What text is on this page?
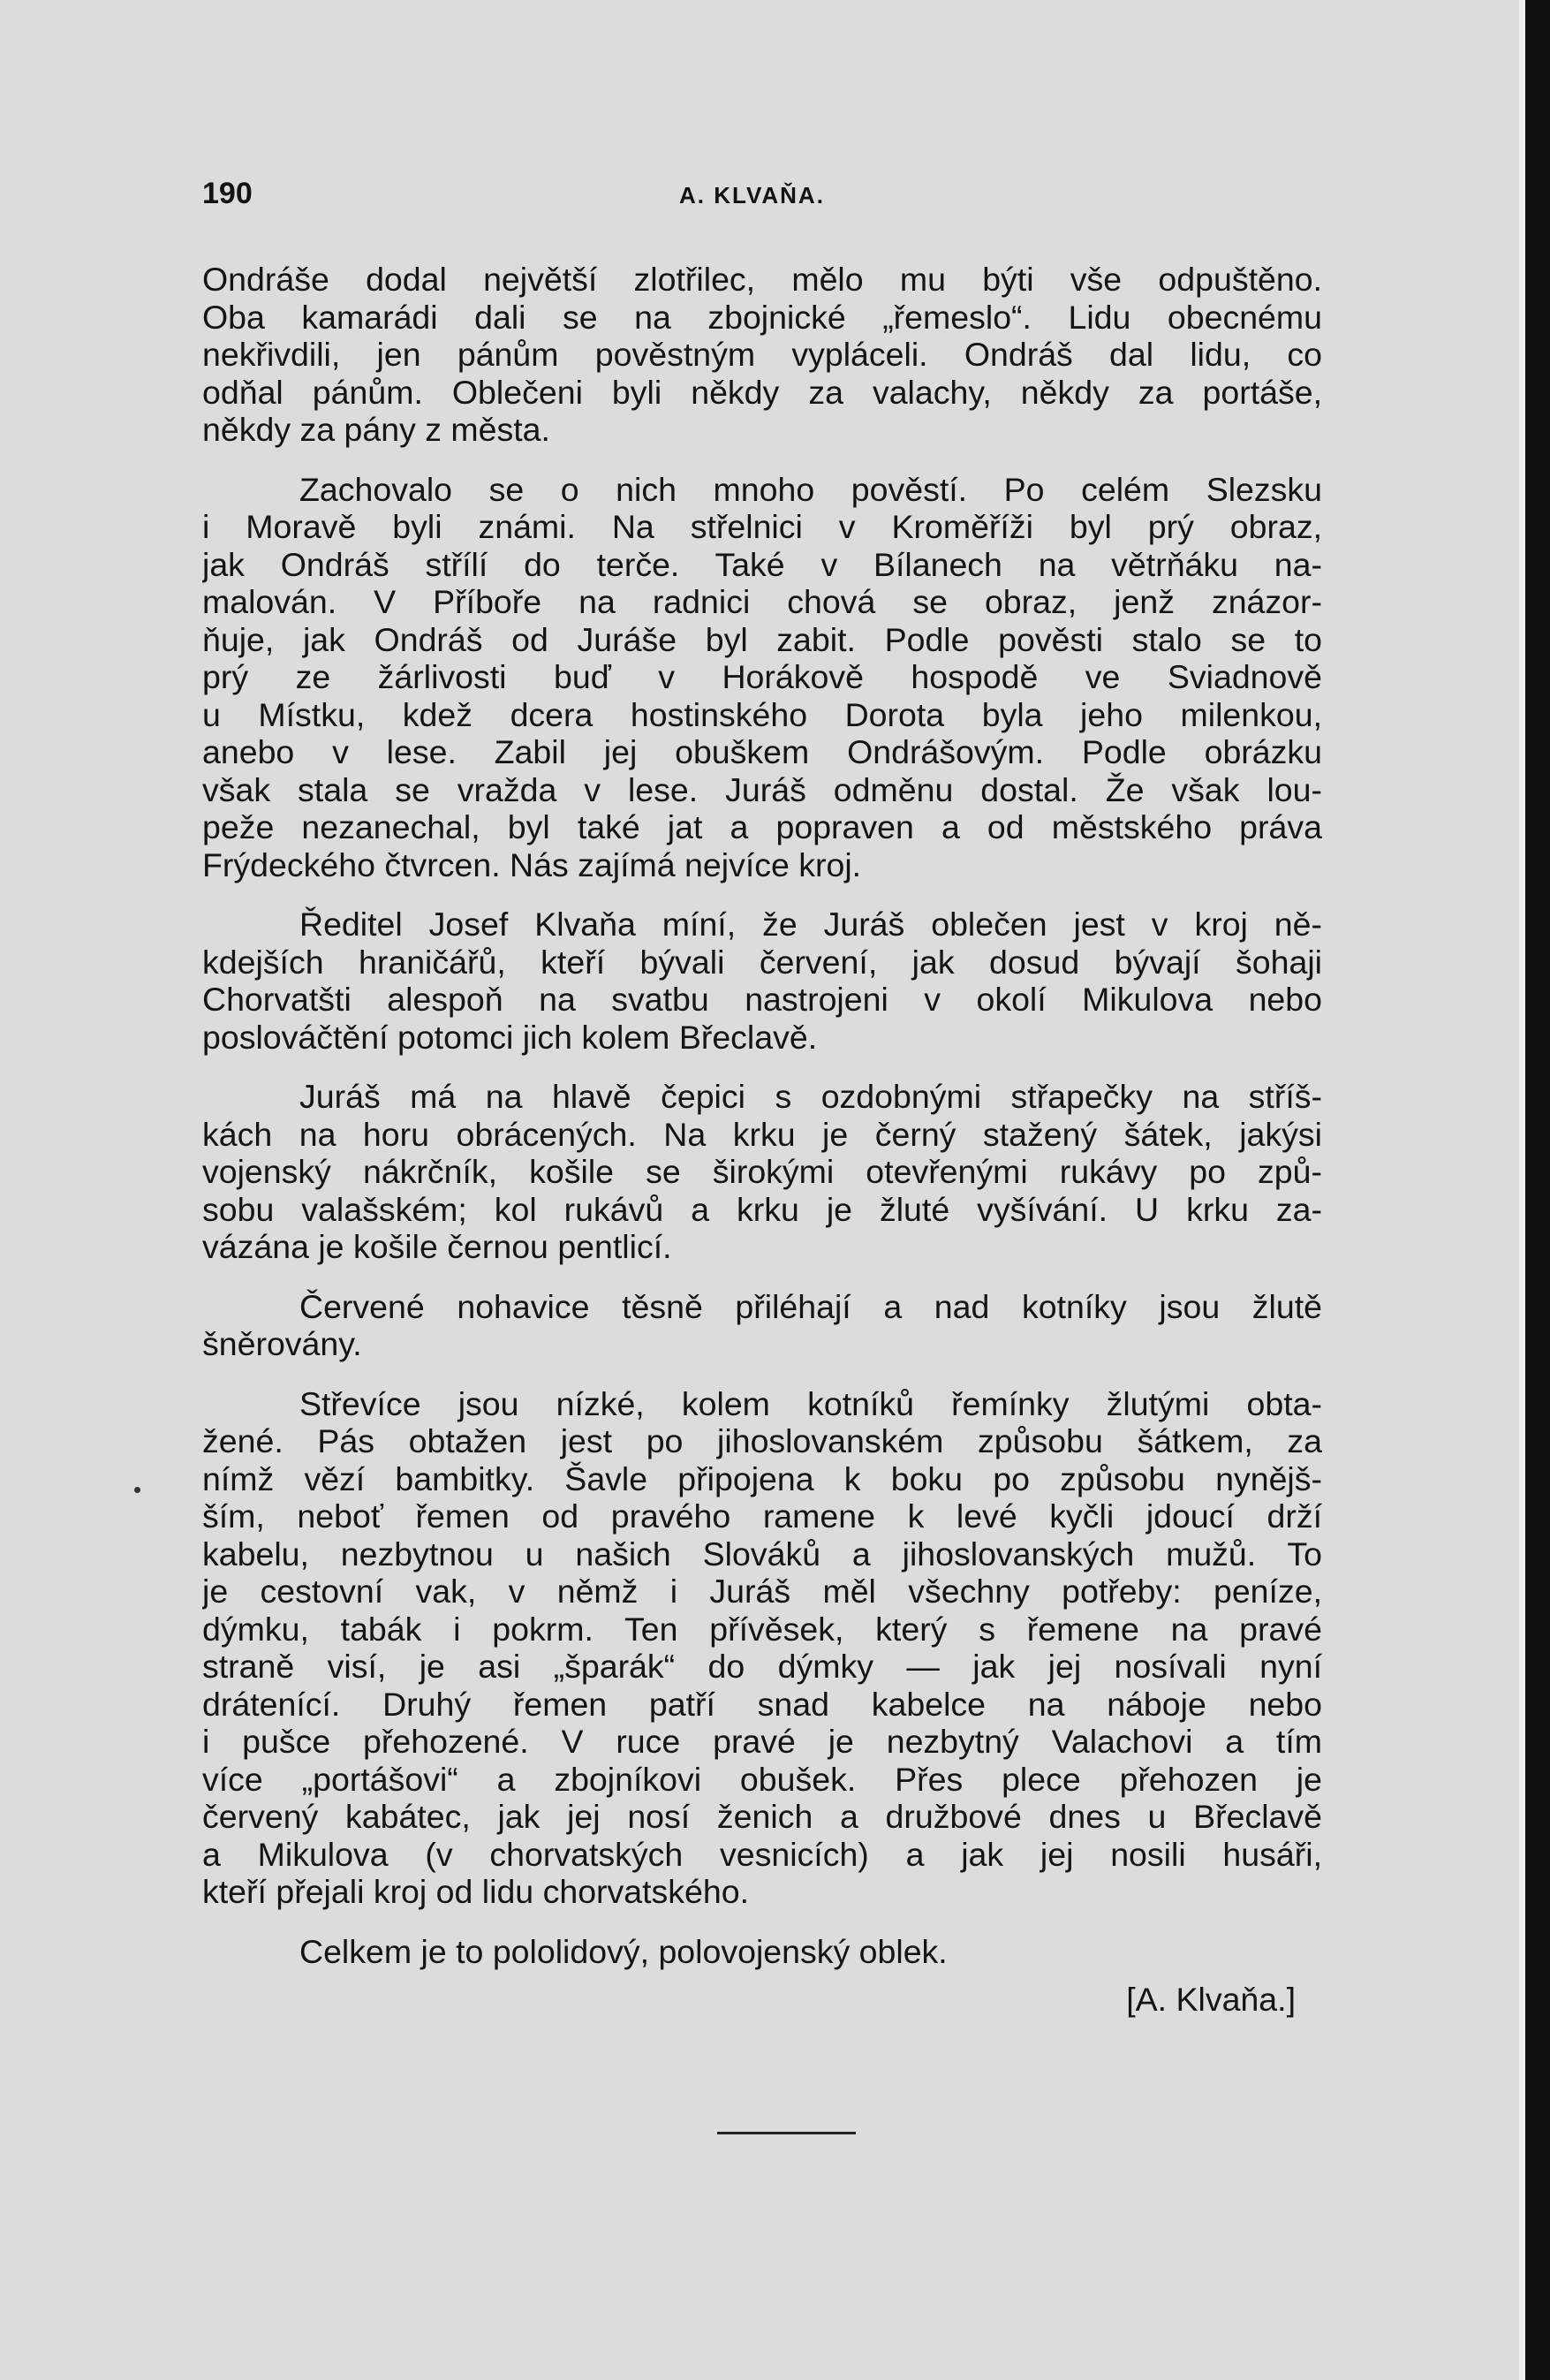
190	A. KLVAŇA.
Ondráše dodal největší zlotřilec, mělo mu býti vše odpuštěno.
Oba kamarádi dali se na zbojnické „řemeslo“. Lidu obecnému
nekřivdili, jen pánům pověstným vypláceli. Ondráš dal lidu, co
odňal pánům. Oblečeni byli někdy za valachy, někdy za portáše,
někdy za pány z města.
Zachovalo se o nich mnoho pověstí. Po celém Slezsku
i Moravě byli známi. Na střelnici v Kroměříži byl prý obraz,
jak Ondráš střílí do terče. Také v Bílanech na větrňáku na-
malován. V Příboře na radnici chová se obraz, jenž znázor-
ňuje, jak Ondráš od Juráše byl zabit. Podle pověsti stalo se to
prý ze žárlivosti buď v Horákově hospodě ve Sviadnově
u Místku, kdež dcera hostinského Dorota byla jeho milenkou,
anebo v lese. Zabil jej obuškem Ondrášovým. Podle obrázku
však stala se vražda v lese. Juráš odměnu dostal. Že však lou-
peže nezanechal, byl také jat a popraven a od městského práva
Frýdeckého čtvrcen. Nás zajímá nejvíce kroj.
Ředitel Josef Klvaňa míní, že Juráš oblečen jest v kroj ně-
kdejších hraničářů, kteří bývali červení, jak dosud bývají šohaji
Chorvatšti alespoň na svatbu nastrojeni v okolí Mikulova nebo
poslováčtění potomci jich kolem Břeclavě.
Juráš má na hlavě čepici s ozdobnými střapečky na stříš-
kách na horu obrácených. Na krku je černý stažený šátek, jakýsi
vojenský nákrčník, košile se širokými otevřenými rukávy po způ-
sobu valašském; kol rukávů a krku je žluté vyšívání. U krku za-
vázána je košile černou pentlicí.
Červené nohavice těsně přiléhají a nad kotníky jsou žlutě
šněrovány.
Střevíce jsou nízké, kolem kotníků řemínky žlutými obta-
žené. Pás obtažen jest po jihoslovanském způsobu šátkem, za
nímž vězí bambitky. Šavle připojena k boku po způsobu nynějš-
ším, neboť řemen od pravého ramene k levé kyčli jdoucí drží
kabelu, nezbytnou u našich Slováků a jihoslovanských mužů. To
je cestovní vak, v němž i Juráš měl všechny potřeby: peníze,
dýmku, tabák i pokrm. Ten přívěsek, který s řemene na pravé
straně visí, je asi „šparák“ do dýmky — jak jej nosívali nyní
drátenící. Druhý řemen patří snad kabelce na náboje nebo
i pušce přehozené. V ruce pravé je nezbytný Valachovi a tím
více „portášovi“ a zbojníkovi obušek. Přes plece přehozen je
červený kabátec, jak jej nosí ženich a družbové dnes u Břeclavě
a Mikulova (v chorvatských vesnicích) a jak jej nosili husáři,
kteří přejali kroj od lidu chorvatského.
Celkem je to pololidový, polovojenský oblek.
[A. Klvaňa.]
